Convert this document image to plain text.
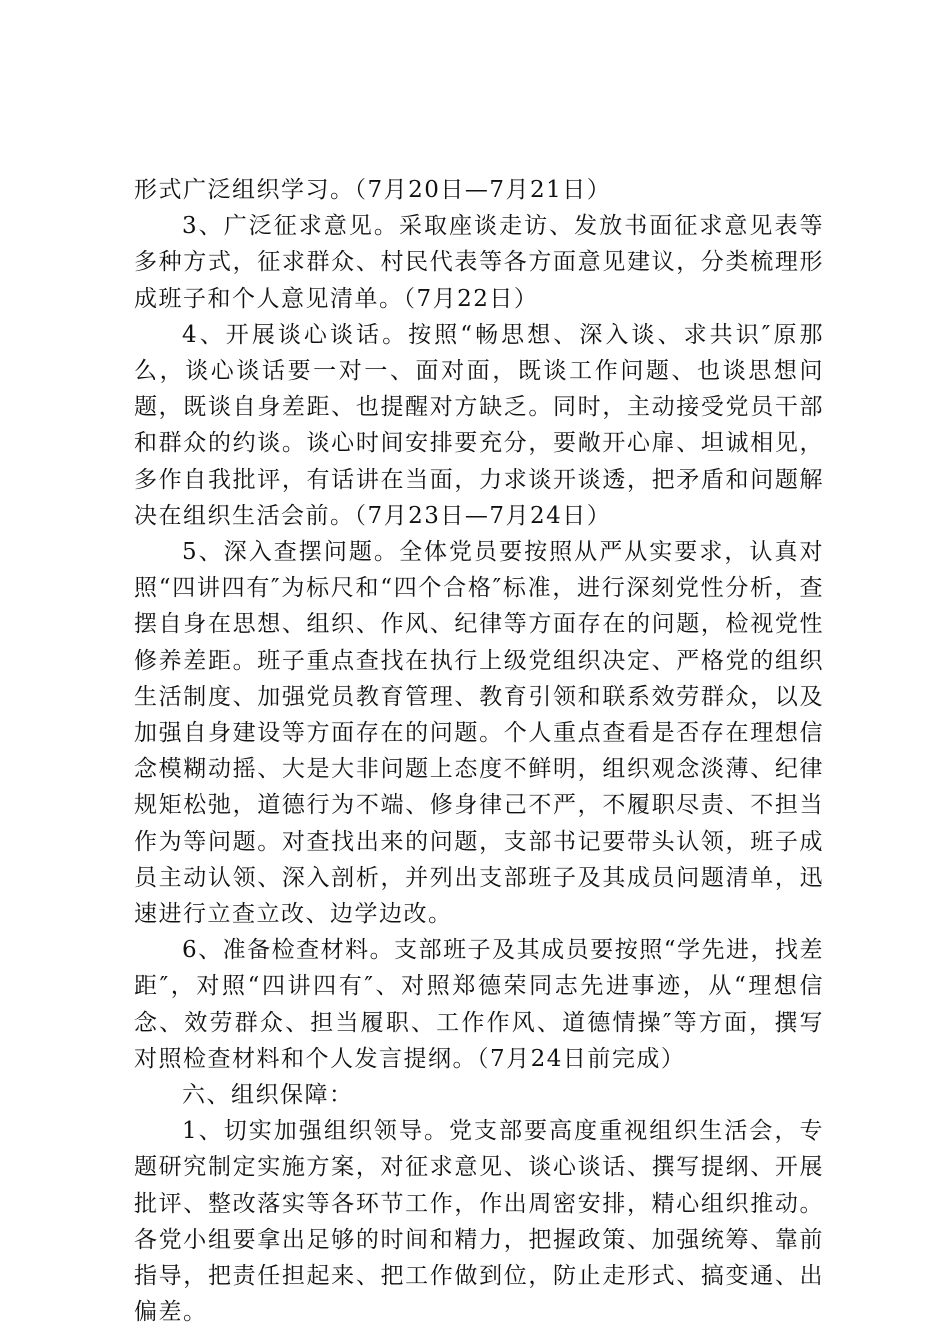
形式广泛组织学习。（7月20日—7月21日）

3、广泛征求意见。采取座谈走访、发放书面征求意见表等多种方式，征求群众、村民代表等各方面意见建议，分类梳理形成班子和个人意见清单。（7月22日）

4、开展谈心谈话。按照“畅思想、深入谈、求共识″原那么，谈心谈话要一对一、面对面，既谈工作问题、也谈思想问题，既谈自身差距、也提醒对方缺乏。同时，主动接受党员干部和群众的约谈。谈心时间安排要充分，要敞开心扉、坦诚相见，多作自我批评，有话讲在当面，力求谈开谈透，把矛盾和问题解决在组织生活会前。（7月23日—7月24日）

5、深入查摆问题。全体党员要按照从严从实要求，认真对照“四讲四有″为标尺和“四个合格″标准，进行深刻党性分析，查摆自身在思想、组织、作风、纪律等方面存在的问题，检视党性修养差距。班子重点查找在执行上级党组织决定、严格党的组织生活制度、加强党员教育管理、教育引领和联系效劳群众，以及加强自身建设等方面存在的问题。个人重点查看是否存在理想信念模糊动摇、大是大非问题上态度不鲜明，组织观念淡薄、纪律规矩松弛，道德行为不端、修身律己不严，不履职尽责、不担当作为等问题。对查找出来的问题，支部书记要带头认领，班子成员主动认领、深入剖析，并列出支部班子及其成员问题清单，迅速进行立查立改、边学边改。

6、准备检查材料。支部班子及其成员要按照“学先进，找差距″，对照“四讲四有″、对照郑德荣同志先进事迹，从“理想信念、效劳群众、担当履职、工作作风、道德情操″等方面，撰写对照检查材料和个人发言提纲。（7月24日前完成）

六、组织保障：

1、切实加强组织领导。党支部要高度重视组织生活会，专题研究制定实施方案，对征求意见、谈心谈话、撰写提纲、开展批评、整改落实等各环节工作，作出周密安排，精心组织推动。各党小组要拿出足够的时间和精力，把握政策、加强统筹、靠前指导，把责任担起来、把工作做到位，防止走形式、搞变通、出偏差。
